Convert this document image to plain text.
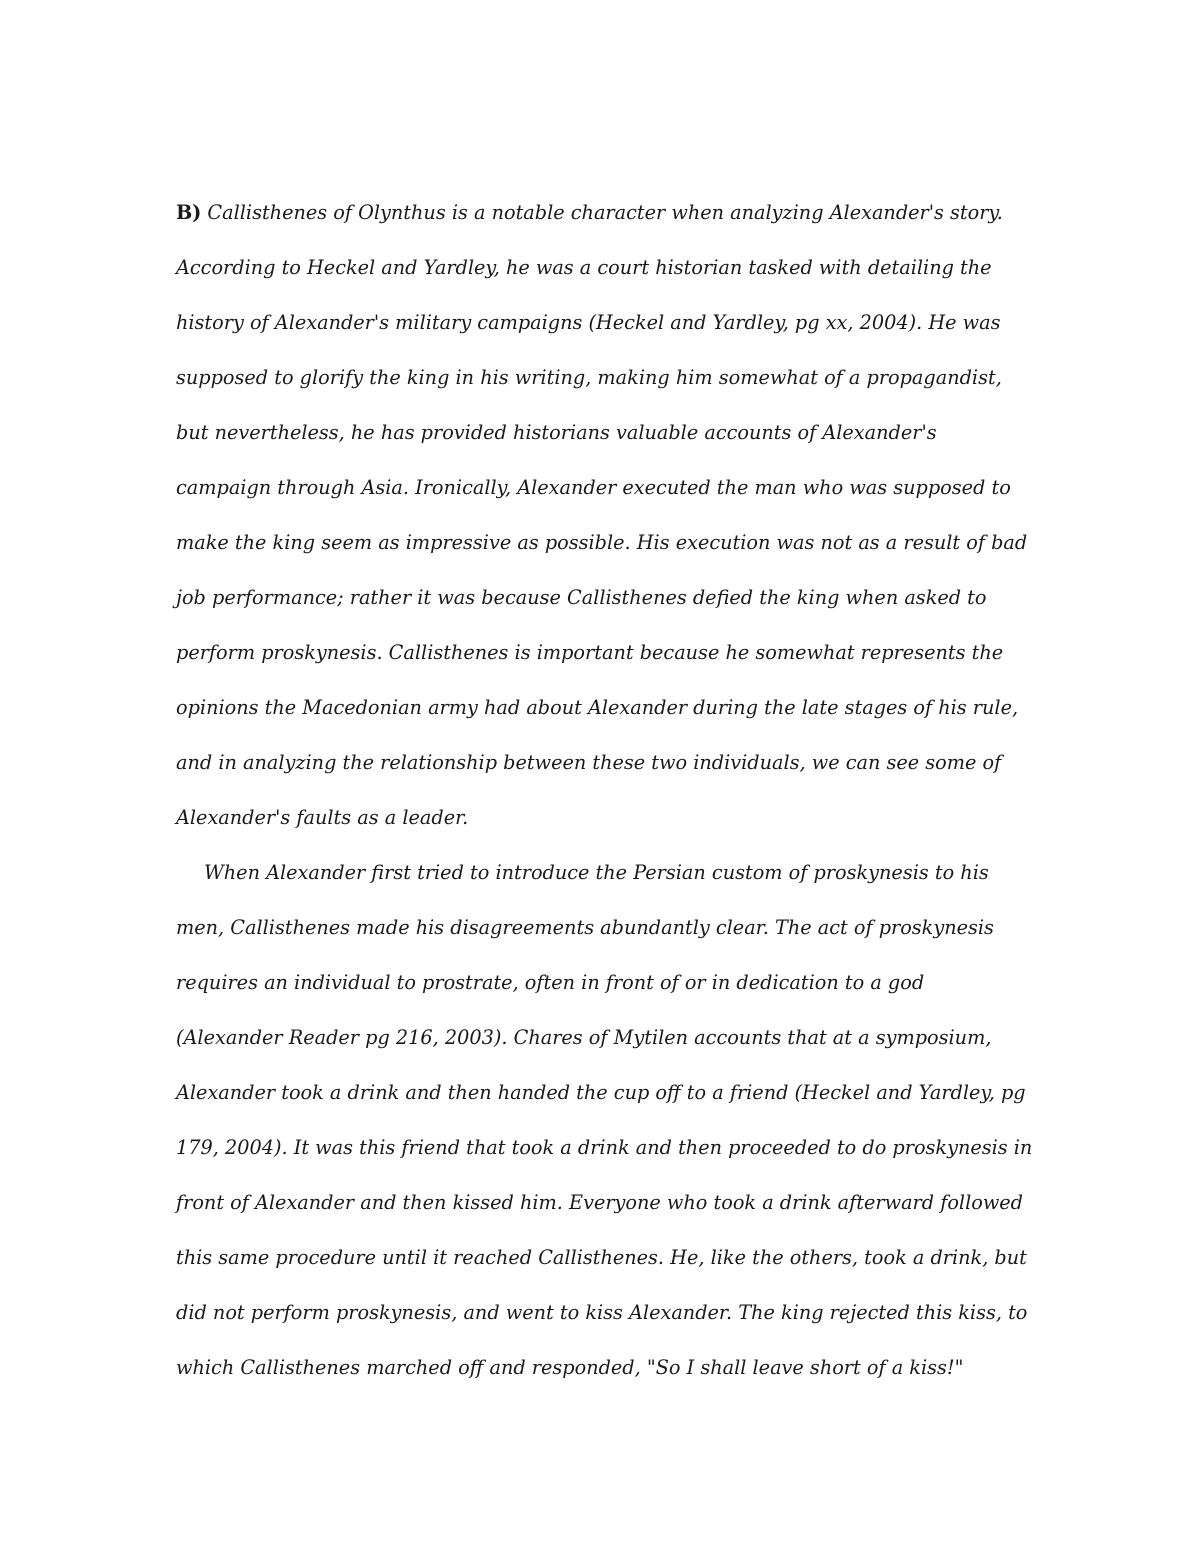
B) Callisthenes of Olynthus is a notable character when analyzing Alexander's story.
According to Heckel and Yardley, he was a court historian tasked with detailing the
history of Alexander's military campaigns (Heckel and Yardley, pg xx, 2004). He was
supposed to glorify the king in his writing, making him somewhat of a propagandist,
but nevertheless, he has provided historians valuable accounts of Alexander's
campaign through Asia. Ironically, Alexander executed the man who was supposed to
make the king seem as impressive as possible. His execution was not as a result of bad
job performance; rather it was because Callisthenes defied the king when asked to
perform proskynesis. Callisthenes is important because he somewhat represents the
opinions the Macedonian army had about Alexander during the late stages of his rule,
and in analyzing the relationship between these two individuals, we can see some of
Alexander's faults as a leader.
When Alexander first tried to introduce the Persian custom of proskynesis to his
men, Callisthenes made his disagreements abundantly clear. The act of proskynesis
requires an individual to prostrate, often in front of or in dedication to a god
(Alexander Reader pg 216, 2003). Chares of Mytilen accounts that at a symposium,
Alexander took a drink and then handed the cup off to a friend (Heckel and Yardley, pg
179, 2004). It was this friend that took a drink and then proceeded to do proskynesis in
front of Alexander and then kissed him. Everyone who took a drink afterward followed
this same procedure until it reached Callisthenes. He, like the others, took a drink, but
did not perform proskynesis, and went to kiss Alexander. The king rejected this kiss, to
which Callisthenes marched off and responded, "So I shall leave short of a kiss!"
